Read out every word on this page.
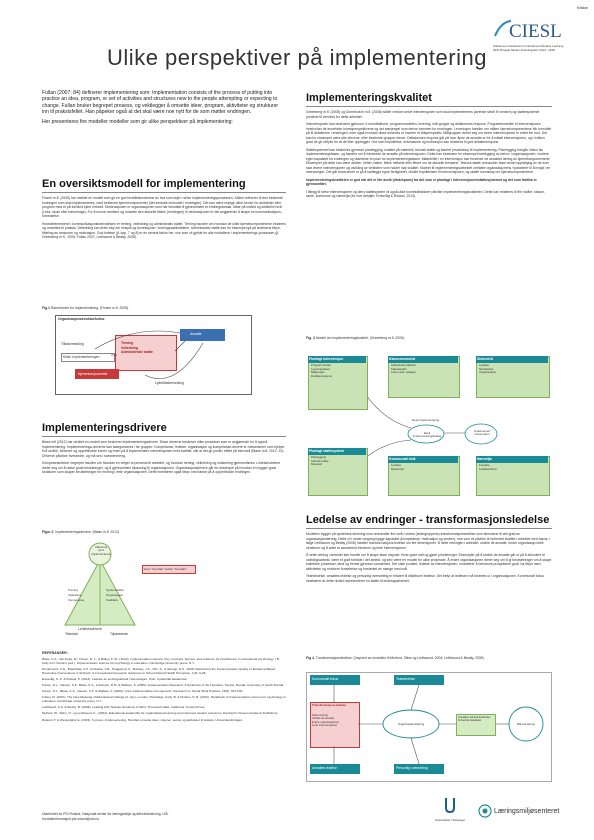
Kristian
CIESL
Classroom Interactions for Enhanced Student Learning
NFR Prosjekt Skolen forskningsfelt, 2014 - 2018.
Ulike perspektiver på implementering
Fullan (2007: 84) definerer implementering som: Implementation consists of the process of putting into practice an idea, program, or set of activities and structures new to the people attempting or expecting to change. Fullan bruker begrepet prosess, og vektlegger å omsette ideer, program, aktiviteter og strukturer inn til praksisfeltet. Han påpeker også at det skal være noe nytt for de som møtter endringen.
Her presenteres fire modeller modeller som gir ulike perspektiver på implementering:
En oversiktsmodell for implementering
Fixsen m.fl. (2005) har utviklet en modell som gir en god forståelsesramme av hva som skjer i selve implementeringsprosessen. Kilden refererer til den bestemte endringen som skal implementeres, med bestemte kjernekomponenter (det sentrale innholdet i endringen). Det kan være mange ulike former for aktiviteter eller program med et på forhånd kjent innhold. Destinasjonen er organisasjonen som har besluttet å gjennomføre et endringsforsøk, både på individ og kollektivt nivå (f.eks. skole eller barnehage). For å kunne overføre og omsette den aktuelle kilden (endringen) til destinasjonen er det avgjørende å skape en kommunikasjons-forbindelse.
Hovedelementene i kommunikasjonsforbindelsen er trening, veiledning og administrativ støtte. Trening handler om hvordan de ulike kjernekomponentene innlæres og omsettes til praksis. Veiledning kan dreie seg om innspill og korreksjoner i treningssaktivitetene. Administrativ støtte kan for eksempel gå på ledelsens tilsyn, tildeling av ressurser og motivasjon. God ledelse (jf. kap. 7 og 8) er en sentral faktor her, noe som vil gjelde for alle modellene i implementerings-prosessen (jf. Greenberg m.fl., 2005; Fullan 2007; Leithwood & Beatty, 2008).
Fig.1 Rammeverk for implementering. (Fixsen m.fl. 2005).
Organisasjonsstruktur/kultur
Kilde: Implementeringen
Trening
Veiledning
Administrativ støtte
Ansatte
Kjernekomponenter
Tilbakemelding
Lyttetilbakemelding
Implementeringsdrivere
Blase mfl (2012) har utviklet en modell som beskriver implementeringsdrivere. Disse driverne beskriver ulike prosesser som er avgjørende for å oppnå implementering. Implementerings-driverne kan kategoriseres i tre grupper: Kompetanse, ledelse, organisasjon og kompetanse-drivere er mekanismer som hjelper til å utvikle, forbedre og opprettholde evnen og troen på å implementere intervensjonen med kvalitet, slik at det gir positiv effekt på elevnivå (Blase m.fl. 2012: 22). Driverne påvirker hverandre, og må ses i sammenheng.
Kompetansedriver begrepet handler om hvordan en velger ut personal til arbeidet, og hvordan trening, veiledning og evaluering gjennomføres. Ledelsesdrivere dreier seg om å utøve gode beslutninger, og å gjennomføre tilpasning til organisasjonen. Organisasjonsdrivere går for eksempel på hvordan en bygger gode strukturer som skaper forutsetninger for endring i hele organisasjonen. Dette innebærer også tilsyn med tanke på å opprettholde endringen.
Figur 2. Implementeringsdrivere. (Blase m.fl. 2012)
Utkomme
God
Implementering
Hvor "hvordan" kobler "hvordan"
Ledelsesdrivere
Tekniske	Tilpassende
Trening
Veiledning
Kompetanse
Systemstøttet
Organisasjon
Fasilitativ
REFERANSER:
Blase, K.A., Van Dyke, M., Fixsen, D. L., & Bailey, F. W. ( 2012). Implementation science: Key concepts, themes, and evidence for practitioners in educational psychology. I B. Kelly & D. Perkins (red.), Implementation science for psychology in education. Cambridge University press. N.Y.
Domitrovich, C.E., Bradshaw, C.P., Poduska, J.M., Hoagwood, K., Buckley, J.A., Olin, S., & Ialongo, N.S., 2008. Maximizing the Implementation Quality of Evidence-Based Preventive Interventions in Schools: A Conceptual Framework. Advances in School Mental Health Promotion, 1(3), 6-28.
Ertesvåg, S. K. & Roland, P. (2013). Ledelse av endringsarbeid i barnehagen. Oslo: Gyldendal akademisk.
Fixsen, D.L., Naoom, S.F., Blase, K.A., Friedman, R.M. & Wallace, F. (2005). Implementation Research: A Synthesis of the Literature. Tampa, Florida: University of South Florida.
Fixsen, D.L., Blase, K.A., Naoom, S.F. & Wallace, F. (2009). Core Implementation Components. Research on Social Work Practice, 19(5), 531-540.
Fullan, M. (2007). The New Meaning of Educational Change (4. utg.). London: Routledge. Kelly, B. & Perkins, D. B. (2012). Handbook of Implementation science for psychology in education. Cambridge university press. N.Y.
Leithwood, K.A. & Beatty, B. (2008). Leading with Teacher Emotions in Mind. Thousand Oaks, California: Corwin Press.
Mulford, W., Silins, H., og Leithwood, K., (2004). Educational leadership for organisational learning and improved student outcomes. Dordrecht: Kluwer Academic Publishers.
Roland, P. & Westergård, E. (2015). In press. Implementering. Hvordan omsette ideer, visjoner, teorier og aktiviteter til praksis. Universitetsforlaget.
Utarbeidet av PSI Roland, Nasjonalt senter for læringsmiljø og atferdsforskning, UiS.
Kontaktinformasjon:psi.roland@uis.no
Implementeringskvalitet
Greenberg m.fl. (2005) og Domitrovich m.fl. (2008) skiller mellom selve intervensjonen som skal implementeres (øverste sirkel til venstre) og støttesystemet (nederst til venstre) for dette arbeidet.
Intervensjonen kan beskrives gjennom 4 hovedfaktorer: programmodellen, levering, mål-gruppe og deltakernes respons. Programmodellen til intervensjonen inneholder de teoretiske hovedperspektivene og det særpreget som denne rammen for endringen. Leveringen handler om måten kjernekomponentene blir formidlet på til deltakerne i endringen, men også hvordan disse dosenes ut imonter et tidsperspektiv. Målgruppen dreier seg om hvem intervensjonen er rettet inn mot. Det kan for eksempel være alle elevene, eller bestemte grupper elever. Deltakernes respons går på hvor åpne de ansatte er for å initialt intervensjonen, og i hvilken grad de gir uttrykk for at de liker opplegget. Ord som forpliktelse, entusiasme og motivasjon kan relateres til god deltakerrespons.
Støttesystemet kan beskrives gjennom planlegging, kvalitet på materiell, teknisk støtte og klarhet (readiness) til implementering. Planlegging foregår i tiden før implementeringsfasen, og handler om å forberede de ansatte på intervensjonen. Dette kan innebære for eksempel kartlegging av behov i organisasjonen, vurdere egen kapasitet for endringen og utarbeide en plan for implementeringsfasen. Materiellet i en intervensjon kan forsterke de ansattes læring av kjernekomponentene. Eksempler på dette kan være artikler, hefter, bøker, felles nettside eller filmer om de aktuelle temaene. Teknisk støtte omhandler blant annet oppfølging av de som skal levere intervensjonen og utvikling av veiledere som holder høy kvalitet. Klarhet til implementeringsarbeidet omfatter organisasjonens «parathet» til å inngå i en intervensjon. Det går blant annet ut på å kartlegge egne ferdigheter, utvikle forpliktelsen til intervensjonen, og skaffe kunnskap om kjernekomponentene.
Implementeringskvaliteten er god når det er lite avvik (diskrepans) fra det som er planlagt i intervensjonen/støttesystemet og det som faktisk er gjennomført.
I tillegg til selve intervensjonen og dens støttesystem vil også ulike kontekstfaktorer påvirke implementeringskvaliteten. Dette kan relateres til fire nivåer: klasse, skole, kommune og nærmiljø (for mer detaljer: Ertesvåg & Roland, 2013).
Fig. 3 Modell om implementeringskvalitet. (Greenberg m.fl. 2005).
Planlagt intervensjon
Programmodell
Levering/doser
Målgruppe
Deltakerrespons
Klasseromsnivå
Individuelle faktorer
Klassekultur
Lærer-elev relasjon
Skolenivå
Ledelse
Skolekultur
Organisasjon
Reell implementering
Reelt implementeringsbidrag
Implementert intervensjon
Planlagt støttesystem
Planlegging
Teknisk støtte
Materiell
Kommunalt nivå
Ledelse
Ressurser
Nærmiljø
Foreldre
Lokalsamfunn
Ledelse av endringer - transformasjonsledelse
Modellen bygger på systemisk tenkning som omhandler fire nivå: Leders (ledergruppens) transformasjonsledelse som stimulerer til økt grad av organisasjonslæring. Dette vil i neste omgang bygge kapasitet (kompetanse, motivasjon og verdier), noe som vil påvirke til forbedret kvalitet i arbeidet med barna. I følge Leithwood og Beatty (2008) handler transformasjons-ledelse om fire dimensjoner: Å sette retningen i arbeidet, utvikle de ansatte, endre organisasjo-nelle strukturer og å sette et samarbeid fremmes og lede intervensjonen.
Å sette retning i arbeidet kan handle om å skape klare visjoner, finne gode mål og gjøre prioriteringer. Eksempler på å utvikle de ansatte går ut på å stimulere til utviklingsarbeid, være et godt forbilde i det arbeid, og selv være en modell for ulike prosesser. Å endre organisasjonen dreier seg om å gi forutsetninger om å skape kollektive prosesser, først og fremst gjennom samarbeid. Det siste punktet, ledelse av intervensjonen, innebærer å bemanne prosjektene godt, ha tilsyn med aktiviteten og motivere fortsettelse og forsterket av mange med mål.
Teamledelse, ansattes ledelse og personlig oversetting er relatert til distribuert ledelse. Det betyr at ledelsen må fordeles ut i organisasjonen. Kommunalt fokus innebærer at dette nivået representerer en støtte til endringsarbeidet.
Fig 4. Transformasjonsledelse. (Inspirert av modellen til Mulford, Silins og Leithwood, 2004; Leithwood & Beatty, 2008).
Kommunalt fokus	Teamledelse
Transformasjons-ledelse
Sette retning
Utvikle de ansatte
Endre organisasjonen
Lede intervensjonen	Organisasjonslæring
Ansattes arbeid/ Endrede/ forbedret kapasitet
Barnas læring
Ansattes ledelse	Personlig oversetting
Universitetet i Stavanger
Læringsmiljøsenteret
